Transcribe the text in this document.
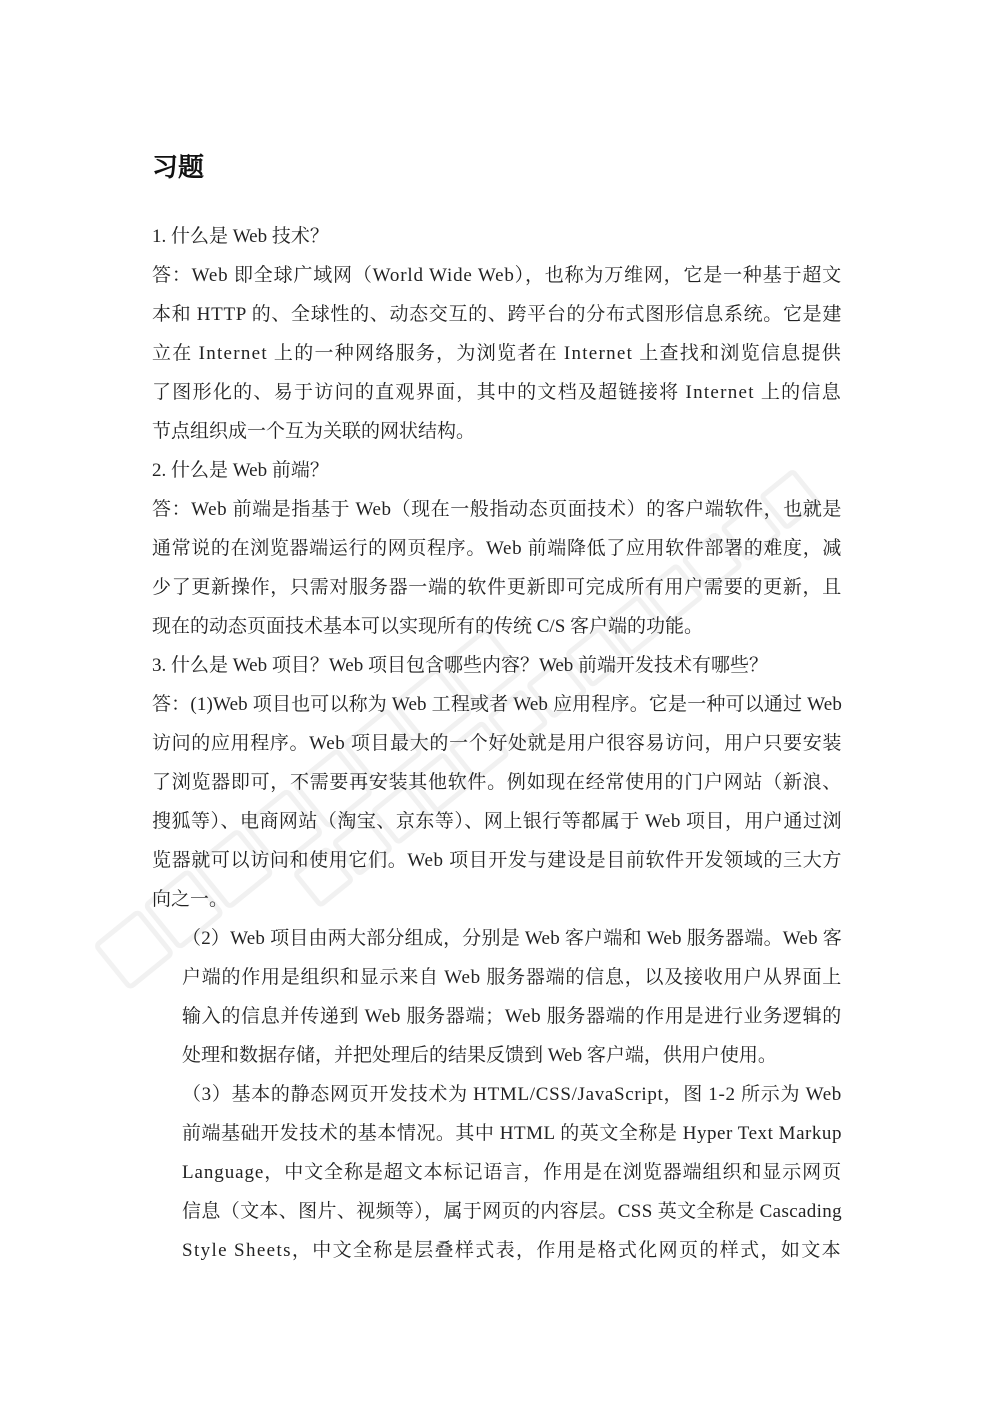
习题
1. 什么是 Web 技术？
答：Web 即全球广域网（World Wide Web），也称为万维网，它是一种基于超文
本和 HTTP 的、全球性的、动态交互的、跨平台的分布式图形信息系统。它是建
立在 Internet 上的一种网络服务，为浏览者在 Internet 上查找和浏览信息提供
了图形化的、易于访问的直观界面，其中的文档及超链接将 Internet 上的信息
节点组织成一个互为关联的网状结构。
2. 什么是 Web 前端？
答：Web 前端是指基于 Web（现在一般指动态页面技术）的客户端软件，也就是
通常说的在浏览器端运行的网页程序。Web 前端降低了应用软件部署的难度，减
少了更新操作，只需对服务器一端的软件更新即可完成所有用户需要的更新，且
现在的动态页面技术基本可以实现所有的传统 C/S 客户端的功能。
3. 什么是 Web 项目？Web 项目包含哪些内容？Web 前端开发技术有哪些？
答：(1)Web 项目也可以称为 Web 工程或者 Web 应用程序。它是一种可以通过 Web
访问的应用程序。Web 项目最大的一个好处就是用户很容易访问，用户只要安装
了浏览器即可，不需要再安装其他软件。例如现在经常使用的门户网站（新浪、
搜狐等）、电商网站（淘宝、京东等）、网上银行等都属于 Web 项目，用户通过浏
览器就可以访问和使用它们。Web 项目开发与建设是目前软件开发领域的三大方
向之一。
（2）Web 项目由两大部分组成，分别是 Web 客户端和 Web 服务器端。Web 客
户端的作用是组织和显示来自 Web 服务器端的信息，以及接收用户从界面上
输入的信息并传递到 Web 服务器端；Web 服务器端的作用是进行业务逻辑的
处理和数据存储，并把处理后的结果反馈到 Web 客户端，供用户使用。
（3）基本的静态网页开发技术为 HTML/CSS/JavaScript，图 1-2 所示为 Web
前端基础开发技术的基本情况。其中 HTML 的英文全称是 Hyper Text Markup
Language，中文全称是超文本标记语言，作用是在浏览器端组织和显示网页
信息（文本、图片、视频等），属于网页的内容层。CSS 英文全称是 Cascading
Style Sheets，中文全称是层叠样式表，作用是格式化网页的样式，如文本
